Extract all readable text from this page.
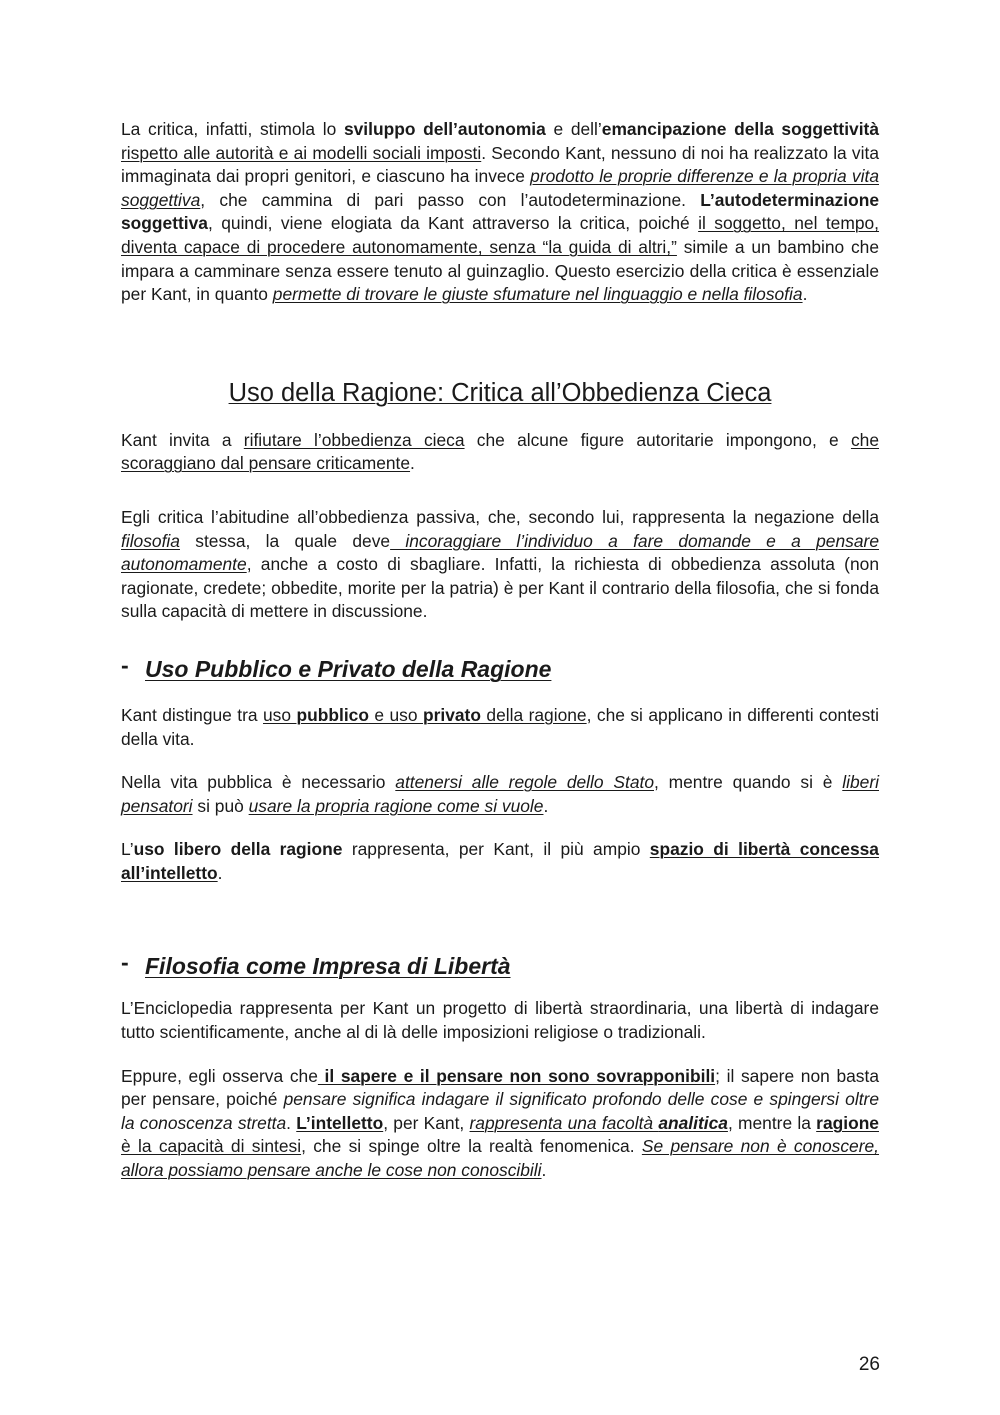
La critica, infatti, stimola lo sviluppo dell’autonomia e dell’emancipazione della soggettività rispetto alle autorità e ai modelli sociali imposti. Secondo Kant, nessuno di noi ha realizzato la vita immaginata dai propri genitori, e ciascuno ha invece prodotto le proprie differenze e la propria vita soggettiva, che cammina di pari passo con l’autodeterminazione. L’autodeterminazione soggettiva, quindi, viene elogiata da Kant attraverso la critica, poiché il soggetto, nel tempo, diventa capace di procedere autonomamente, senza “la guida di altri,” simile a un bambino che impara a camminare senza essere tenuto al guinzaglio. Questo esercizio della critica è essenziale per Kant, in quanto permette di trovare le giuste sfumature nel linguaggio e nella filosofia.

Uso della Ragione: Critica all’Obbedienza Cieca

Kant invita a rifiutare l’obbedienza cieca che alcune figure autoritarie impongono, e che scoraggiano dal pensare criticamente.

Egli critica l’abitudine all’obbedienza passiva, che, secondo lui, rappresenta la negazione della filosofia stessa, la quale deve incoraggiare l’individuo a fare domande e a pensare autonomamente, anche a costo di sbagliare. Infatti, la richiesta di obbedienza assoluta (non ragionate, credete; obbedite, morite per la patria) è per Kant il contrario della filosofia, che si fonda sulla capacità di mettere in discussione.

- Uso Pubblico e Privato della Ragione

Kant distingue tra uso pubblico e uso privato della ragione, che si applicano in differenti contesti della vita.

Nella vita pubblica è necessario attenersi alle regole dello Stato, mentre quando si è liberi pensatori si può usare la propria ragione come si vuole.

L’uso libero della ragione rappresenta, per Kant, il più ampio spazio di libertà concessa all’intelletto.

- Filosofia come Impresa di Libertà

L’Enciclopedia rappresenta per Kant un progetto di libertà straordinaria, una libertà di indagare tutto scientificamente, anche al di là delle imposizioni religiose o tradizionali.

Eppure, egli osserva che il sapere e il pensare non sono sovrapponibili; il sapere non basta per pensare, poiché pensare significa indagare il significato profondo delle cose e spingersi oltre la conoscenza stretta. L’intelletto, per Kant, rappresenta una facoltà analitica, mentre la ragione è la capacità di sintesi, che si spinge oltre la realtà fenomenica. Se pensare non è conoscere, allora possiamo pensare anche le cose non conoscibili.

26
